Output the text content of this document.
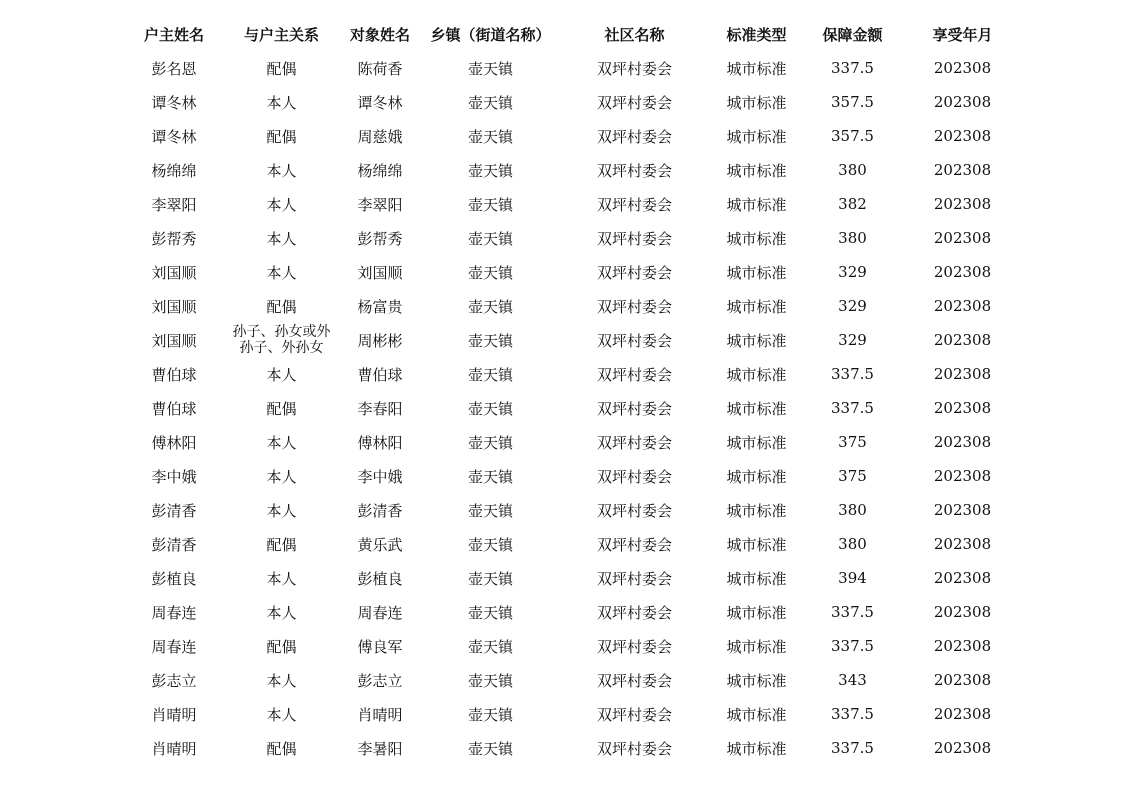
户主姓名	与户主关系	对象姓名	乡镇（街道名称）	社区名称	标准类型	保障金额	享受年月
彭名恩	配偶	陈荷香	壶天镇	双坪村委会	城市标准	337.5	202308
谭冬林	本人	谭冬林	壶天镇	双坪村委会	城市标准	357.5	202308
谭冬林	配偶	周慈娥	壶天镇	双坪村委会	城市标准	357.5	202308
杨绵绵	本人	杨绵绵	壶天镇	双坪村委会	城市标准	380	202308
李翠阳	本人	李翠阳	壶天镇	双坪村委会	城市标准	382	202308
彭帮秀	本人	彭帮秀	壶天镇	双坪村委会	城市标准	380	202308
刘国顺	本人	刘国顺	壶天镇	双坪村委会	城市标准	329	202308
刘国顺	配偶	杨富贵	壶天镇	双坪村委会	城市标准	329	202308
刘国顺	孙子、孙女或外孙子、外孙女	周彬彬	壶天镇	双坪村委会	城市标准	329	202308
曹伯球	本人	曹伯球	壶天镇	双坪村委会	城市标准	337.5	202308
曹伯球	配偶	李春阳	壶天镇	双坪村委会	城市标准	337.5	202308
傅林阳	本人	傅林阳	壶天镇	双坪村委会	城市标准	375	202308
李中娥	本人	李中娥	壶天镇	双坪村委会	城市标准	375	202308
彭清香	本人	彭清香	壶天镇	双坪村委会	城市标准	380	202308
彭清香	配偶	黄乐武	壶天镇	双坪村委会	城市标准	380	202308
彭植良	本人	彭植良	壶天镇	双坪村委会	城市标准	394	202308
周春连	本人	周春连	壶天镇	双坪村委会	城市标准	337.5	202308
周春连	配偶	傅良军	壶天镇	双坪村委会	城市标准	337.5	202308
彭志立	本人	彭志立	壶天镇	双坪村委会	城市标准	343	202308
肖晴明	本人	肖晴明	壶天镇	双坪村委会	城市标准	337.5	202308
肖晴明	配偶	李暑阳	壶天镇	双坪村委会	城市标准	337.5	202308
